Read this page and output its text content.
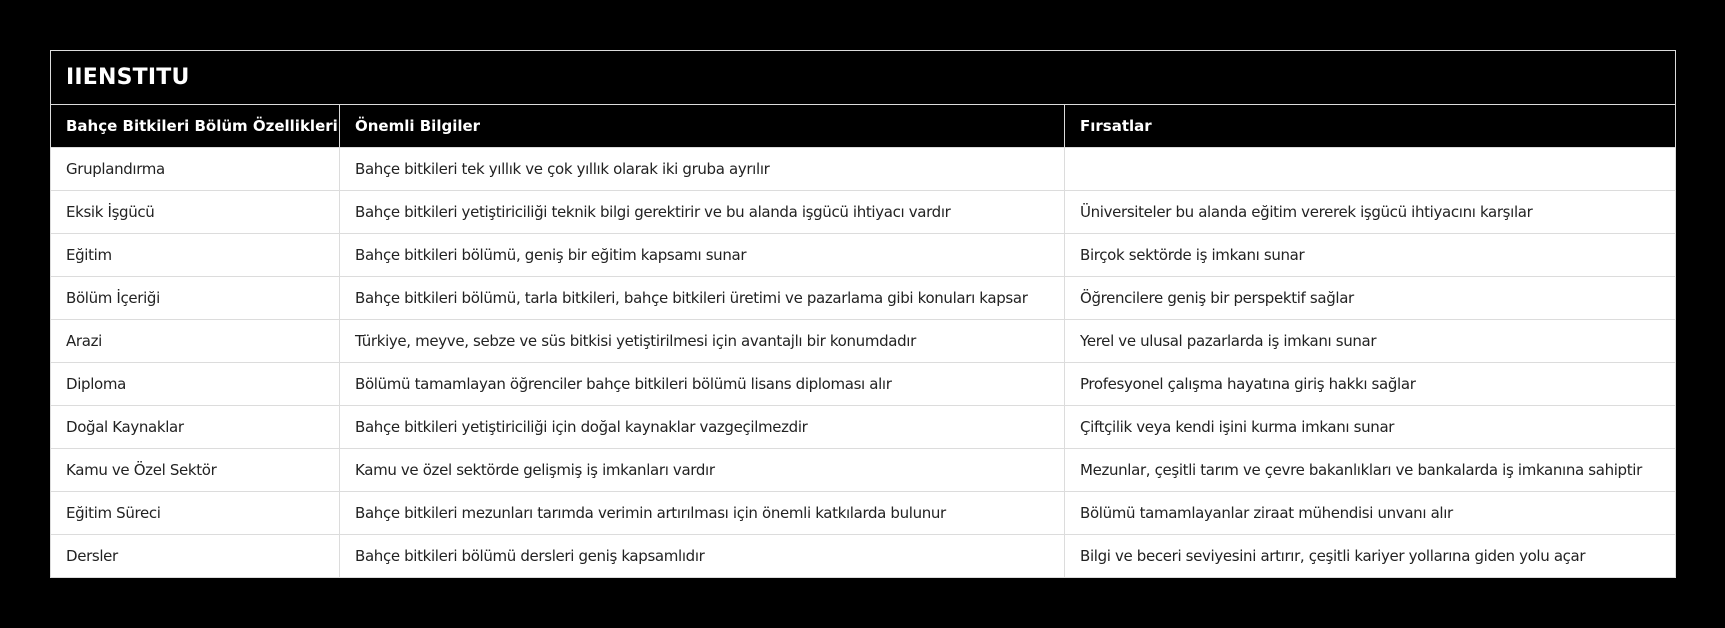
IIENSTITU		
Bahçe Bitkileri Bölüm Özellikleri	Önemli Bilgiler	Fırsatlar
Gruplandırma	Bahçe bitkileri tek yıllık ve çok yıllık olarak iki gruba ayrılır	
Eksik İşgücü	Bahçe bitkileri yetiştiriciliği teknik bilgi gerektirir ve bu alanda işgücü ihtiyacı vardır	Üniversiteler bu alanda eğitim vererek işgücü ihtiyacını karşılar
Eğitim	Bahçe bitkileri bölümü, geniş bir eğitim kapsamı sunar	Birçok sektörde iş imkanı sunar
Bölüm İçeriği	Bahçe bitkileri bölümü, tarla bitkileri, bahçe bitkileri üretimi ve pazarlama gibi konuları kapsar	Öğrencilere geniş bir perspektif sağlar
Arazi	Türkiye, meyve, sebze ve süs bitkisi yetiştirilmesi için avantajlı bir konumdadır	Yerel ve ulusal pazarlarda iş imkanı sunar
Diploma	Bölümü tamamlayan öğrenciler bahçe bitkileri bölümü lisans diploması alır	Profesyonel çalışma hayatına giriş hakkı sağlar
Doğal Kaynaklar	Bahçe bitkileri yetiştiriciliği için doğal kaynaklar vazgeçilmezdir	Çiftçilik veya kendi işini kurma imkanı sunar
Kamu ve Özel Sektör	Kamu ve özel sektörde gelişmiş iş imkanları vardır	Mezunlar, çeşitli tarım ve çevre bakanlıkları ve bankalarda iş imkanına sahiptir
Eğitim Süreci	Bahçe bitkileri mezunları tarımda verimin artırılması için önemli katkılarda bulunur	Bölümü tamamlayanlar ziraat mühendisi unvanı alır
Dersler	Bahçe bitkileri bölümü dersleri geniş kapsamlıdır	Bilgi ve beceri seviyesini artırır, çeşitli kariyer yollarına giden yolu açar
